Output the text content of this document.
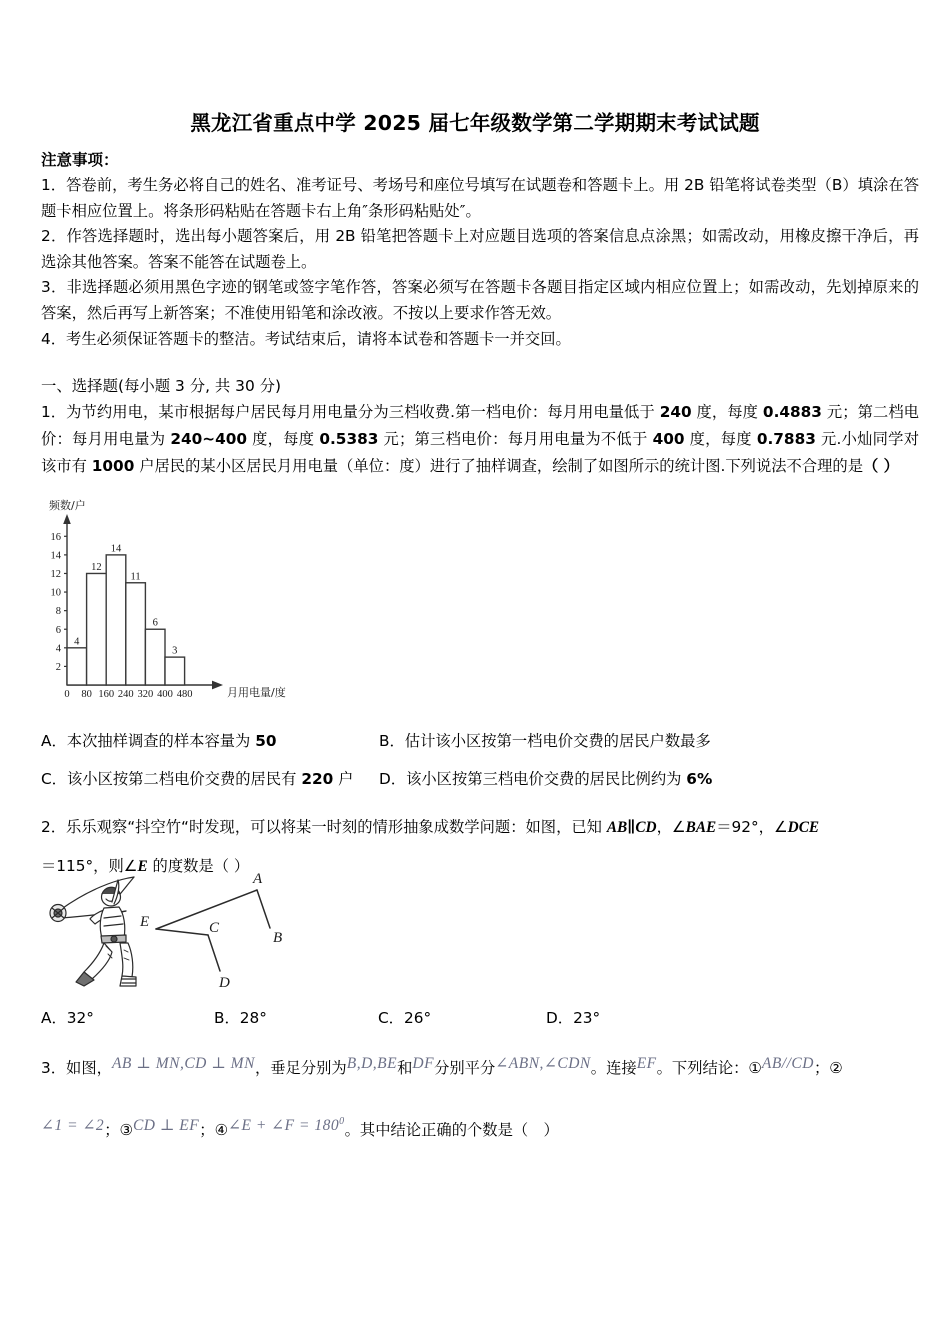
黑龙江省重点中学 2025 届七年级数学第二学期期末考试试题
注意事项：

1．答卷前，考生务必将自己的姓名、准考证号、考场号和座位号填写在试题卷和答题卡上。用 2B 铅笔将试卷类型（B）填涂在答题卡相应位置上。将条形码粘贴在答题卡右上角″条形码粘贴处″。

2．作答选择题时，选出每小题答案后，用 2B 铅笔把答题卡上对应题目选项的答案信息点涂黑；如需改动，用橡皮擦干净后，再选涂其他答案。答案不能答在试题卷上。

3．非选择题必须用黑色字迹的钢笔或签字笔作答，答案必须写在答题卡各题目指定区域内相应位置上；如需改动，先划掉原来的答案，然后再写上新答案；不准使用铅笔和涂改液。不按以上要求作答无效。

4．考生必须保证答题卡的整洁。考试结束后，请将本试卷和答题卡一并交回。

一、选择题(每小题 3 分, 共 30 分)
1．为节约用电，某市根据每户居民每月用电量分为三档收费.第一档电价：每月用电量低于 240 度，每度 0.4883 元；第二档电价：每月用电量为 240~400 度，每度 0.5383 元；第三档电价：每月用电量为不低于 400 度，每度 0.7883 元.小灿同学对该市有 1000 户居民的某小区居民月用电量（单位：度）进行了抽样调查，绘制了如图所示的统计图.下列说法不合理的是（ ）
频数/户
2
4
6
8
10
12
14
16
0 80 160 240 320 400 480
4
12
14
11
6
3
月用电量/度
A．本次抽样调查的样本容量为 50	B．估计该小区按第一档电价交费的居民户数最多
C．该小区按第二档电价交费的居民有 220 户 D．该小区按第三档电价交费的居民比例约为 6%
2．乐乐观察“抖空竹“时发现，可以将某一时刻的情形抽象成数学问题：如图，已知 AB∥CD，∠BAE＝92°，∠DCE
＝115°，则∠E 的度数是（ ）
E
A
B
C
D
A．32°	B．28°	C．26°	D．23°
3．如图，AB ⊥ MN,CD ⊥ MN，垂足分别为B,D,BE和DF分别平分∠ABN,∠CDN。连接EF。下列结论：①AB//CD；②
∠1 = ∠2；③CD ⊥ EF；④∠E + ∠F = $180^0$。其中结论正确的个数是（　）
